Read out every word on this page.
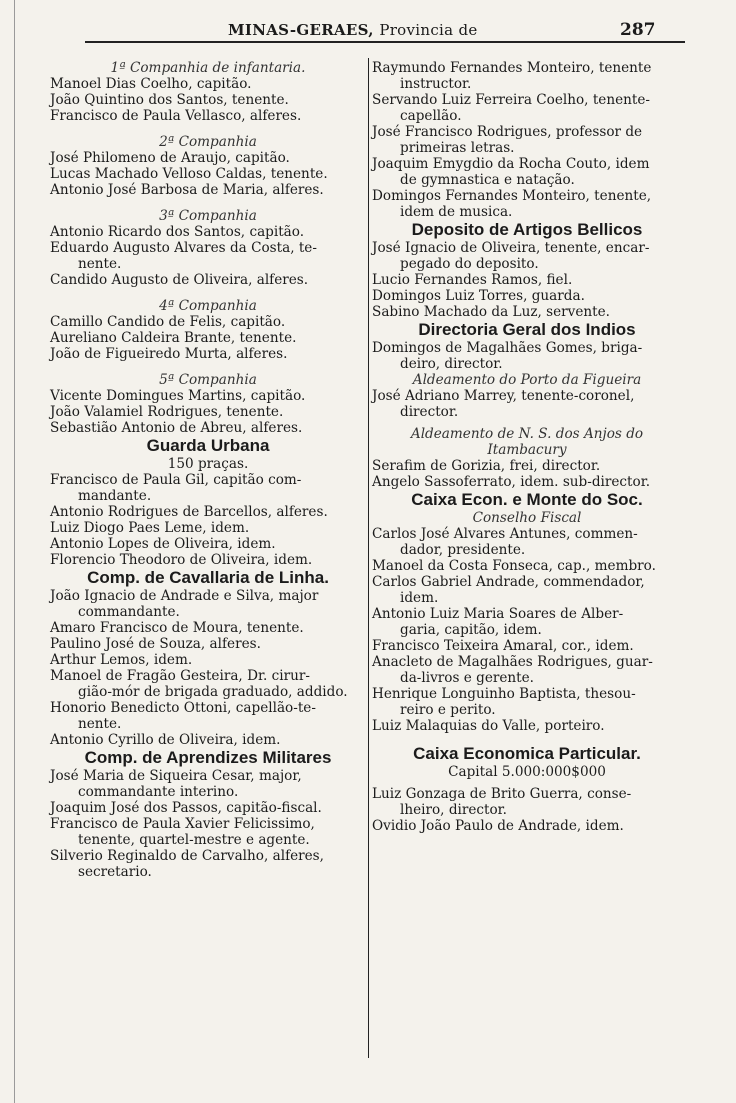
MINAS-GERAES, Provincia de	287

1ª Companhia de infantaria.

Manoel Dias Coelho, capitão.

João Quintino dos Santos, tenente.

Francisco de Paula Vellasco, alferes.

2ª Companhia

José Philomeno de Araujo, capitão.

Lucas Machado Velloso Caldas, tenente.

Antonio José Barbosa de Maria, alferes.

3ª Companhia

Antonio Ricardo dos Santos, capitão.

Eduardo Augusto Alvares da Costa, te-

nente.

Candido Augusto de Oliveira, alferes.

4ª Companhia

Camillo Candido de Felis, capitão.

Aureliano Caldeira Brante, tenente.

João de Figueiredo Murta, alferes.

5ª Companhia

Vicente Domingues Martins, capitão.

João Valamiel Rodrigues, tenente.

Sebastião Antonio de Abreu, alferes.

Guarda Urbana

150 praças.

Francisco de Paula Gil, capitão com-

mandante.

Antonio Rodrigues de Barcellos, alferes.

Luiz Diogo Paes Leme, idem.

Antonio Lopes de Oliveira, idem.

Florencio Theodoro de Oliveira, idem.

Comp. de Cavallaria de Linha.

João Ignacio de Andrade e Silva, major

commandante.

Amaro Francisco de Moura, tenente.

Paulino José de Souza, alferes.

Arthur Lemos, idem.

Manoel de Fragão Gesteira, Dr. cirur-

gião-mór de brigada graduado, addido.

Honorio Benedicto Ottoni, capellão-te-

nente.

Antonio Cyrillo de Oliveira, idem.

Comp. de Aprendizes Militares

José Maria de Siqueira Cesar, major,

commandante interino.

Joaquim José dos Passos, capitão-fiscal.

Francisco de Paula Xavier Felicissimo,

tenente, quartel-mestre e agente.

Silverio Reginaldo de Carvalho, alferes,

secretario.

Raymundo Fernandes Monteiro, tenente

instructor.

Servando Luiz Ferreira Coelho, tenente-

capellão.

José Francisco Rodrigues, professor de

primeiras letras.

Joaquim Emygdio da Rocha Couto, idem

de gymnastica e natação.

Domingos Fernandes Monteiro, tenente,

idem de musica.

Deposito de Artigos Bellicos

José Ignacio de Oliveira, tenente, encar-

pegado do deposito.

Lucio Fernandes Ramos, fiel.

Domingos Luiz Torres, guarda.

Sabino Machado da Luz, servente.

Directoria Geral dos Indios

Domingos de Magalhães Gomes, briga-

deiro, director.

Aldeamento do Porto da Figueira

José Adriano Marrey, tenente-coronel,

director.

Aldeamento de N. S. dos Anjos do

Itambacury

Serafim de Gorizia, frei, director.

Angelo Sassoferrato, idem. sub-director.

Caixa Econ. e Monte do Soc.

Conselho Fiscal

Carlos José Alvares Antunes, commen-

dador, presidente.

Manoel da Costa Fonseca, cap., membro.

Carlos Gabriel Andrade, commendador,

idem.

Antonio Luiz Maria Soares de Alber-

garia, capitão, idem.

Francisco Teixeira Amaral, cor., idem.

Anacleto de Magalhães Rodrigues, guar-

da-livros e gerente.

Henrique Longuinho Baptista, thesou-

reiro e perito.

Luiz Malaquias do Valle, porteiro.

Caixa Economica Particular.

Capital 5.000:000$000

Luiz Gonzaga de Brito Guerra, conse-

lheiro, director.

Ovidio João Paulo de Andrade, idem.
